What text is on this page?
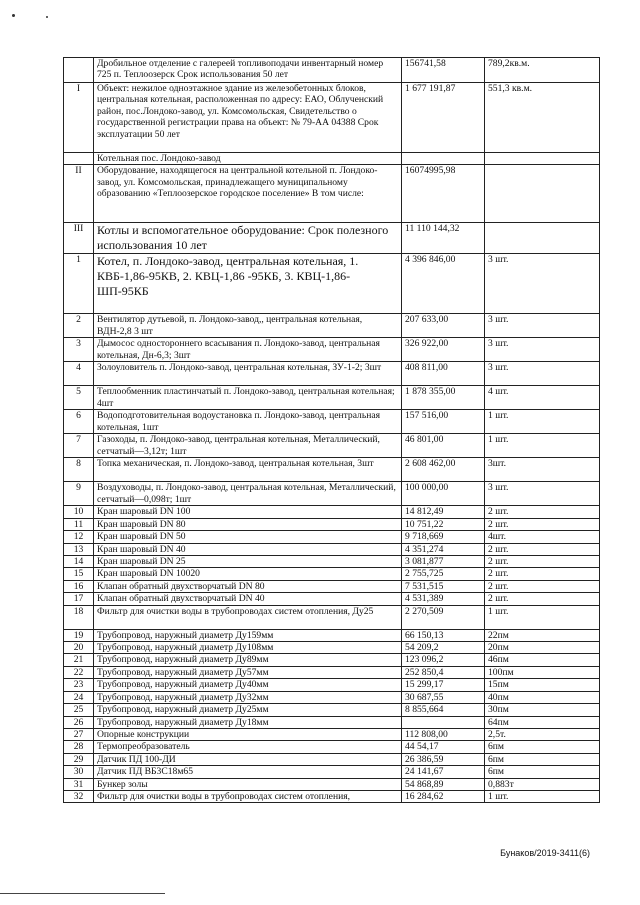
	Дробильное отделение с галереей топливоподачи инвентарный номер 725 п. Теплоозерск Срок использования 50 лет	156741,58	789,2кв.м.
I	Объект: нежилое одноэтажное здание из железобетонных блоков, центральная котельная, расположенная по адресу: ЕАО, Облученский район, пос.Лондоко-завод, ул. Комсомольская, Свидетельство о государственной регистрации права на объект: № 79-АА 04388 Срок эксплуатации 50 лет	1 677 191,87	551,3 кв.м.
	Котельная пос. Лондоко-завод		
II	Оборудование, находящегося на центральной котельной п. Лондоко-завод, ул. Комсомольская, принадлежащего муниципальному образованию «Теплоозерское городское поселение» В том числе:	16074995,98	
III	Котлы и вспомогательное оборудование: Срок полезного использования 10 лет	11 110 144,32	
1	Котел, п. Лондоко-завод, центральная котельная, 1. КВБ-1,86-95КВ, 2. КВЦ-1,86 -95КБ, 3. КВЦ-1,86-ШП-95КБ	4 396 846,00	3 шт.
2	Вентилятор дутьевой, п. Лондоко-завод,, центральная котельная, ВДН-2,8 3 шт	207 633,00	3 шт.
3	Дымосос одностороннего всасывания п. Лондоко-завод, центральная котельная, Дн-6,3; 3шт	326 922,00	3 шт.
4	Золоуловитель п. Лондоко-завод, центральная котельная, ЗУ-1-2; 3шт	408 811,00	3 шт.
5	Теплообменник пластинчатый п. Лондоко-завод, центральная котельная; 4шт	1 878 355,00	4 шт.
6	Водоподготовительная водоустановка п. Лондоко-завод, центральная котельная, 1шт	157 516,00	1 шт.
7	Газоходы, п. Лондоко-завод, центральная котельная, Металлический, сетчатый—3,12т; 1шт	46 801,00	1 шт.
8	Топка механическая, п. Лондоко-завод, центральная котельная, 3шт	2 608 462,00	3шт.
9	Воздуховоды, п. Лондоко-завод, центральная котельная, Металлический, сетчатый—0,098т; 1шт	100 000,00	3 шт.
10	Кран шаровый DN 100	14 812,49	2 шт.
11	Кран шаровый DN 80	10 751,22	2 шт.
12	Кран шаровый DN 50	9 718,669	4шт.
13	Кран шаровый DN 40	4 351,274	2 шт.
14	Кран шаровый DN 25	3 081,877	2 шт.
15	Кран шаровый DN 10020	2 755,725	2 шт.
16	Клапан обратный двухстворчатый DN 80	7 531,515	2 шт.
17	Клапан обратный двухстворчатый DN 40	4 531,389	2 шт.
18	Фильтр для очистки воды в трубопроводах систем отопления, Ду25	2 270,509	1 шт.
19	Трубопровод, наружный диаметр Ду159мм	66 150,13	22пм
20	Трубопровод, наружный диаметр Ду108мм	54 209,2	20пм
21	Трубопровод, наружный диаметр Ду89мм	123 096,2	46пм
22	Трубопровод, наружный диаметр Ду57мм	252 850,4	100пм
23	Трубопровод, наружный диаметр Ду40мм	15 299,17	15пм
24	Трубопровод, наружный диаметр Ду32мм	30 687,55	40пм
25	Трубопровод, наружный диаметр Ду25мм	8 855,664	30пм
26	Трубопровод, наружный диаметр Ду18мм		64пм
27	Опорные конструкции	112 808,00	2,5т.
28	Термопреобразователь	44 54,17	6пм
29	Датчик ПД 100-ДИ	26 386,59	6пм
30	Датчик ПД ВБ3С18м65	24 141,67	6пм
31	Бункер золы	54 868,89	0,883т
32	Фильтр для очистки воды в трубопроводах систем отопления,	16 284,62	1 шт.
Бунаков/2019-3411(6)
